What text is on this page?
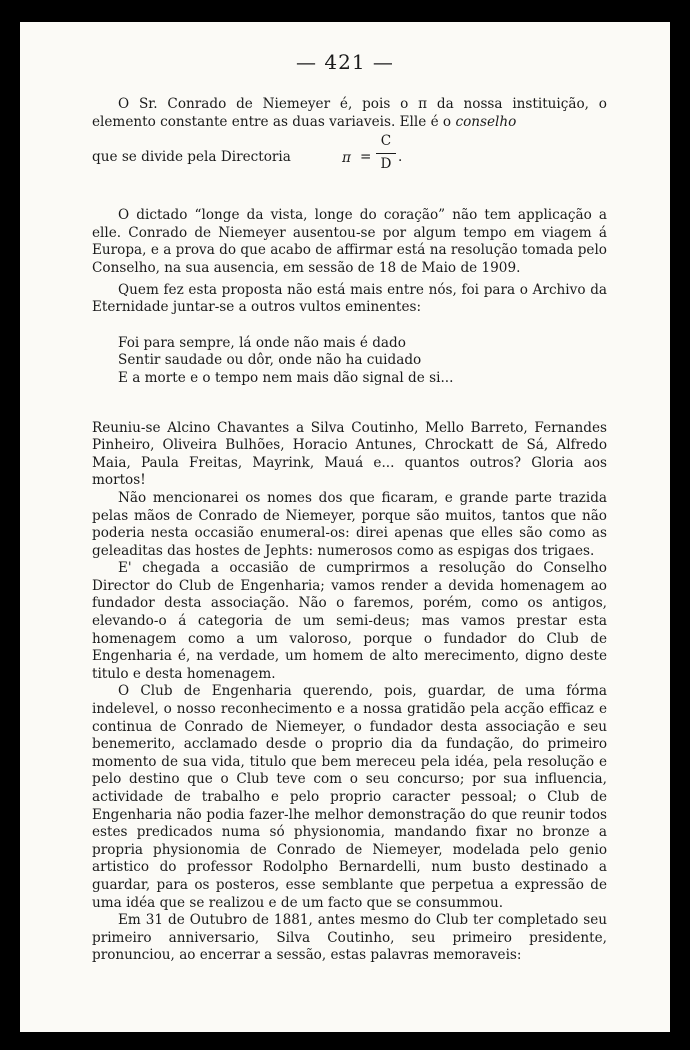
— 421 —

O Sr. Conrado de Niemeyer é, pois o π da nossa instituição, o elemento constante entre as duas variaveis. Elle é o conselho

que se divide pela Directoria	π =
C
D .

O dictado “longe da vista, longe do coração” não tem applicação a elle. Conrado de Niemeyer ausentou-se por algum tempo em viagem á Europa, e a prova do que acabo de affirmar está na resolução tomada pelo Conselho, na sua ausencia, em sessão de 18 de Maio de 1909.

Quem fez esta proposta não está mais entre nós, foi para o Archivo da Eternidade juntar-se a outros vultos eminentes:

Foi para sempre, lá onde não mais é dado
Sentir saudade ou dôr, onde não ha cuidado
E a morte e o tempo nem mais dão signal de si...

Reuniu-se Alcino Chavantes a Silva Coutinho, Mello Barreto, Fernandes Pinheiro, Oliveira Bulhões, Horacio Antunes, Chrockatt de Sá, Alfredo Maia, Paula Freitas, Mayrink, Mauá e... quantos outros? Gloria aos mortos!

Não mencionarei os nomes dos que ficaram, e grande parte trazida pelas mãos de Conrado de Niemeyer, porque são muitos, tantos que não poderia nesta occasião enumeral-os: direi apenas que elles são como as geleaditas das hostes de Jephts: numerosos como as espigas dos trigaes.

E' chegada a occasião de cumprirmos a resolução do Conselho Director do Club de Engenharia; vamos render a devida homenagem ao fundador desta associação. Não o faremos, porém, como os antigos, elevando-o á categoria de um semi-deus; mas vamos prestar esta homenagem como a um valoroso, porque o fundador do Club de Engenharia é, na verdade, um homem de alto merecimento, digno deste titulo e desta homenagem.

O Club de Engenharia querendo, pois, guardar, de uma fórma indelevel, o nosso reconhecimento e a nossa gratidão pela acção efficaz e continua de Conrado de Niemeyer, o fundador desta associação e seu benemerito, acclamado desde o proprio dia da fundação, do primeiro momento de sua vida, titulo que bem mereceu pela idéa, pela resolução e pelo destino que o Club teve com o seu concurso; por sua influencia, actividade de trabalho e pelo proprio caracter pessoal; o Club de Engenharia não podia fazer-lhe melhor demonstração do que reunir todos estes predicados numa só physionomia, mandando fixar no bronze a propria physionomia de Conrado de Niemeyer, modelada pelo genio artistico do professor Rodolpho Bernardelli, num busto destinado a guardar, para os posteros, esse semblante que perpetua a expressão de uma idéa que se realizou e de um facto que se consummou.

Em 31 de Outubro de 1881, antes mesmo do Club ter completado seu primeiro anniversario, Silva Coutinho, seu primeiro presidente, pronunciou, ao encerrar a sessão, estas palavras memoraveis:
